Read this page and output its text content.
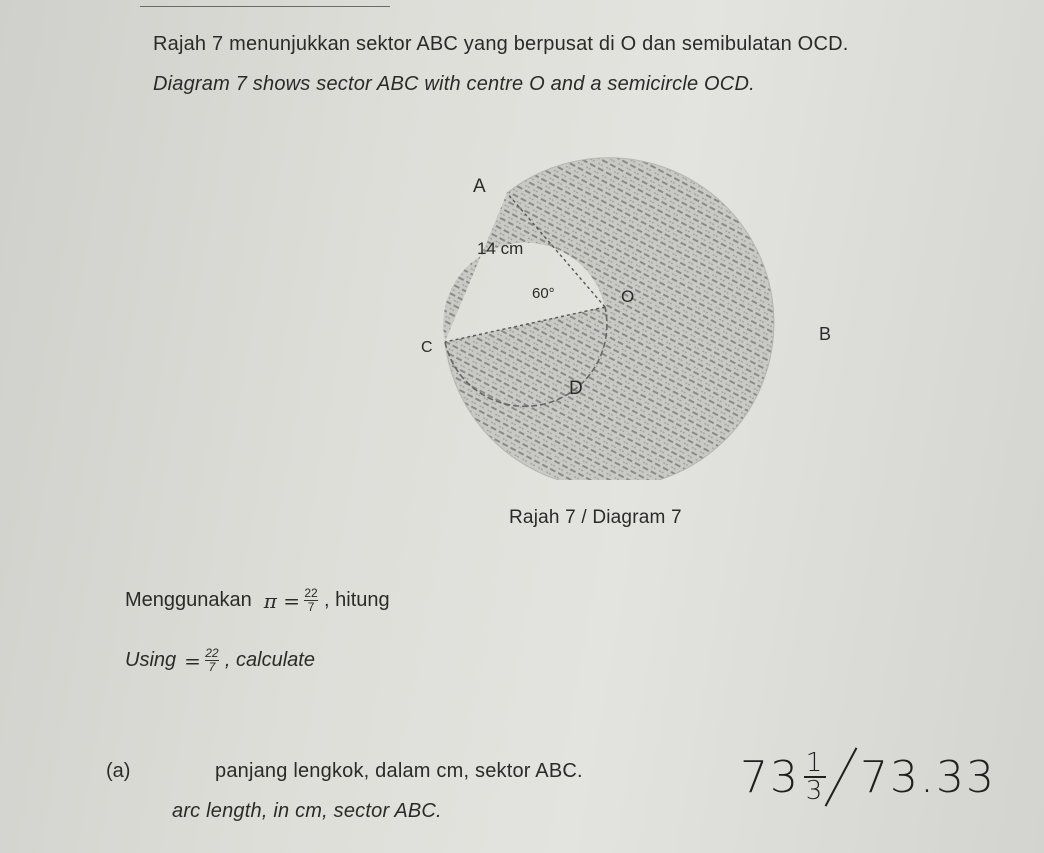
Rajah 7 menunjukkan sektor ABC yang berpusat di O dan semibulatan OCD.
Diagram 7 shows sector ABC with centre O and a semicircle OCD.
A
14 cm
60°	O
B
C
D
Rajah 7 / Diagram 7
Menggunakan $\pi = \frac{22}{7}$ , hitung
$Using = \frac{22}{7}$ , calculate
(a)	panjang lengkok, dalam cm, sektor ABC.
arc length, in cm, sector ABC.
73 1
3 73.33
